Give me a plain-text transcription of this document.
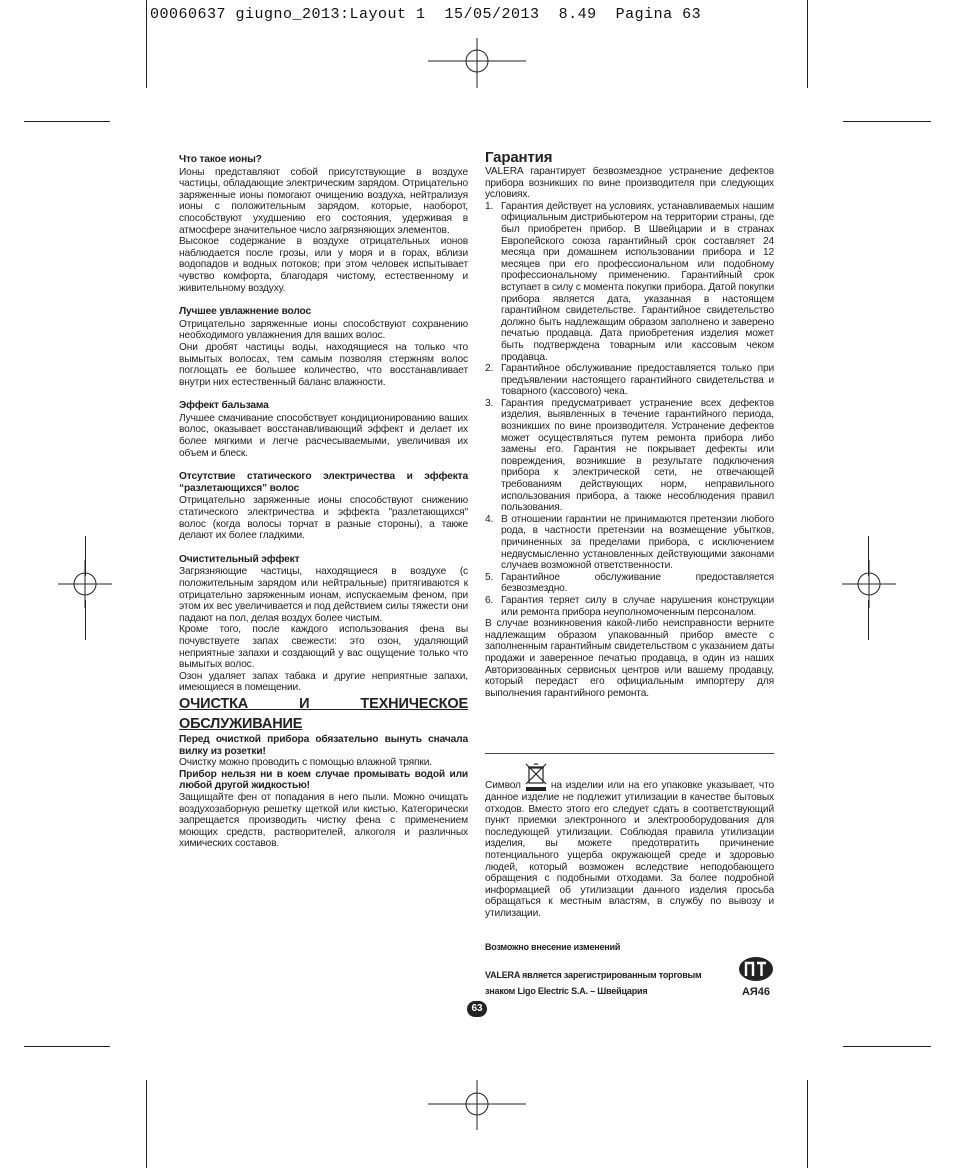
00060637 giugno_2013:Layout 1  15/05/2013  8.49  Pagina 63

Что такое ионы?

Ионы представляют собой присутствующие в воздухе частицы, обладающие электрическим зарядом. Отрицательно заряженные ионы помогают очищению воздуха, нейтрализуя ионы с положительным зарядом, которые, наоборот, способствуют ухудшению его состояния, удерживая в атмосфере значительное число загрязняющих элементов.

Высокое содержание в воздухе отрицательных ионов наблюдается после грозы, или у моря и в горах, вблизи водопадов и водных потоков; при этом человек испытывает чувство комфорта, благодаря чистому, естественному и живительному воздуху.

Лучшее увлажнение волос

Отрицательно заряженные ионы способствуют сохранению необходимого увлажнения для ваших волос.

Они дробят частицы воды, находящиеся на только что вымытых волосах, тем самым позволяя стержням волос поглощать ее большее количество, что восстанавливает внутри них естественный баланс влажности.

Эффект бальзама

Лучшее смачивание способствует кондиционированию ваших волос, оказывает восстанавливающий эффект и делает их более мягкими и легче расчесываемыми, увеличивая их объем и блеск.

Отсутствие статического электричества и эффекта “разлетающихся” волос

Отрицательно заряженные ионы способствуют снижению статического электричества и эффекта "разлетающихся" волос (когда волосы торчат в разные стороны), а также делают их более гладкими.

Очистительный эффект

Загрязняющие частицы, находящиеся в воздухе (с положительным зарядом или нейтральные) притягиваются к отрицательно заряженным ионам, испускаемым феном, при этом их вес увеличивается и под действием силы тяжести они падают на пол, делая воздух более чистым.

Кроме того, после каждого использования фена вы почувствуете запах свежести: это озон, удаляющий неприятные запахи и создающий у вас ощущение только что вымытых волос.

Озон удаляет запах табака и другие неприятные запахи, имеющиеся в помещении.

ОЧИСТКА И ТЕХНИЧЕСКОЕ ОБСЛУЖИВАНИЕ

Перед очисткой прибора обязательно вынуть сначала вилку из розетки!

Очистку можно проводить с помощью влажной тряпки.

Прибор нельзя ни в коем случае промывать водой или любой другой жидкостью!

Защищайте фен от попадания в него пыли. Можно очищать воздухозаборную решетку щеткой или кистью. Категорически запрещается производить чистку фена с применением моющих средств, растворителей, алкоголя и различных химических составов.

Гарантия

VALERA гарантирует безвозмездное устранение дефектов прибора возникших по вине производителя при следующих условиях.

1. Гарантия действует на условиях, устанавливаемых нашим официальным дистрибьютером на территории страны, где был приобретен прибор. В Швейцарии и в странах Европейского союза гарантийный срок составляет 24 месяца при домашнем использовании прибора и 12 месяцев при его профессиональном или подобному профессиональному применению. Гарантийный срок вступает в силу с момента покупки прибора. Датой покупки прибора является дата, указанная в настоящем гарантийном свидетельстве. Гарантийное свидетельство должно быть надлежащим образом заполнено и заверено печатью продавца. Дата приобретения изделия может быть подтверждена товарным или кассовым чеком продавца.
2. Гарантийное обслуживание предоставляется только при предъявлении настоящего гарантийного свидетельства и товарного (кассового) чека.
3. Гарантия предусматривает устранение всех дефектов изделия, выявленных в течение гарантийного периода, возникших по вине производителя. Устранение дефектов может осуществляться путем ремонта прибора либо замены его. Гарантия не покрывает дефекты или повреждения, возникшие в результате подключения прибора к электрической сети, не отвечающей требованиям действующих норм, неправильного использования прибора, а также несоблюдения правил пользования.
4. В отношении гарантии не принимаются претензии любого рода, в частности претензии на возмещение убытков, причиненных за пределами прибора, с исключением недвусмысленно установленных действующими законами случаев возможной ответственности.
5. Гарантийное обслуживание предоставляется безвозмездно.
6. Гарантия теряет силу в случае нарушения конструкции или ремонта прибора неуполномоченным персоналом.

В случае возникновения какой-либо неисправности верните надлежащим образом упакованный прибор вместе с заполненным гарантийным свидетельством с указанием даты продажи и заверенное печатью продавца, в один из наших Авторизованных сервисных центров или вашему продавцу, который передаст его официальным импортеру для выполнения гарантийного ремонта.

Символ	на изделии или на его упаковке указывает, что данное изделие не подлежит утилизации в качестве бытовых отходов. Вместо этого его следует сдать в соответствующий пункт приемки электронного и электрооборудования для последующей утилизации. Соблюдая правила утилизации изделия, вы можете предотвратить причинение потенциального ущерба окружающей среде и здоровью людей, который возможен вследствие неподобающего обращения с подобными отходами. За более подробной информацией об утилизации данного изделия просьба обращаться к местным властям, в службу по вывозу и утилизации.
Возможно внесение изменений
VALERA является зарегистрированным торговым
знаком Ligo Electric S.A. – Швейцария	АЯ46
63
